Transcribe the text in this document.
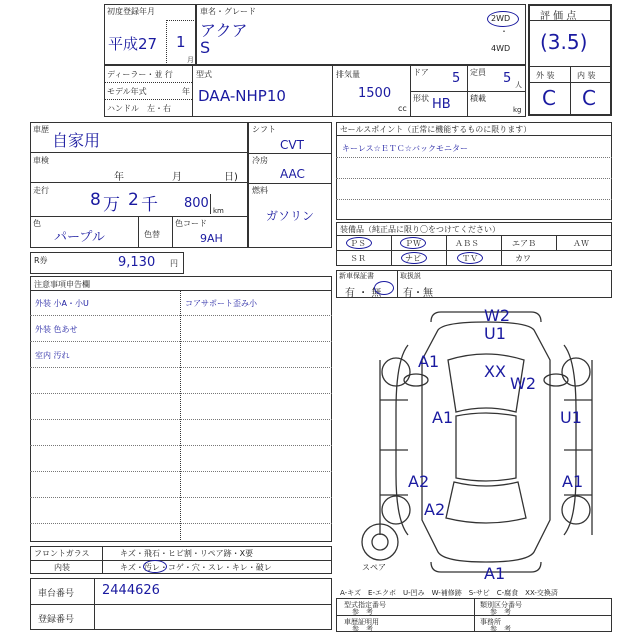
初度登録年月
平成27 1
月
車名・グレード
アクア
S
2WD
・
4WD
評 価 点
(3.5)
外 装	内 装
C C
ディーラー・並 行
モデル年式	年
ハンドル　左・右
型式
DAA-NHP10
排気量
1500
cc
ドア 5 定員 5 人
形状 HB 積載
kg
車歴
自家用
車検
年	月	日)
走行 8 万 2 千 800 km
色
パープル	色替
色コード
9AH
シフト
CVT
冷房
AAC
燃料
ガソリン
セールスポイント（正常に機能するものに限ります）
キーレス☆ＥＴＣ☆バックモニター
装備品（純正品に限り〇をつけてください）
ＰＳ	ＰＷ	ＡＢＳ	エアＢ	ＡＷ
ＳＲ	ナビ	ＴＶ	カワ
R券	9,130 円
新車保証書	取扱説
有 ・ 無 有・無
注意事項申告欄
外装 小A・小U
外装 色あせ
室内 汚れ
コアサポート歪み小
W2
U1
A1
XX
W2
A1	U1
A2
A2
A1
A1
スペア
フロントガラス	キズ・飛石・ヒビ割・リペア跡・X要
内装	キズ・汚レ・コゲ・穴・スレ・キレ・破レ
車台番号 2444626
登録番号
A-キズ　E-エクボ　U-凹み　W-補修跡　S-サビ　C-腐食　XX-交換済
型式指定番号
参　考
類別区分番号
参　考
車歴証明用
参　考
事務所
参　考
